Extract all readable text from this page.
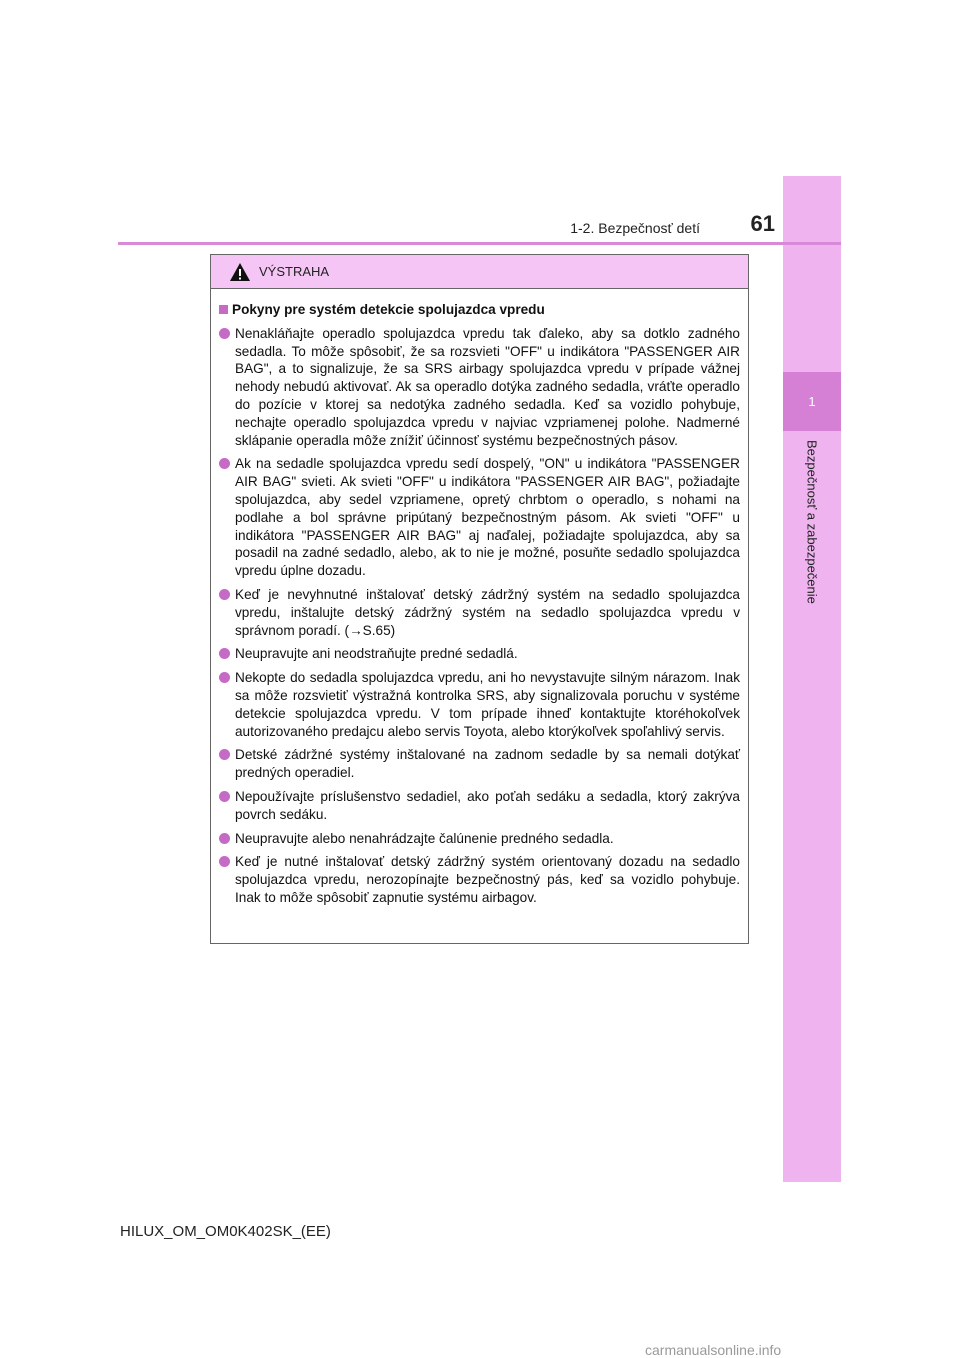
1
Bezpečnosť a zabezpečenie
1-2. Bezpečnosť detí	61
VÝSTRAHA
Pokyny pre systém detekcie spolujazdca vpredu
Nenakláňajte operadlo spolujazdca vpredu tak ďaleko, aby sa dotklo zadného sedadla. To môže spôsobiť, že sa rozsvieti "OFF" u indikátora "PASSENGER AIR BAG", a to signalizuje, že sa SRS airbagy spolujazdca vpredu v prípade vážnej nehody nebudú aktivovať. Ak sa operadlo dotýka zadného sedadla, vráťte operadlo do pozície v ktorej sa nedotýka zadného sedadla. Keď sa vozidlo pohybuje, nechajte operadlo spolujazdca vpredu v najviac vzpriamenej polohe. Nadmerné sklápanie operadla môže znížiť účinnosť systému bezpečnostných pásov.
Ak na sedadle spolujazdca vpredu sedí dospelý, "ON" u indikátora "PASSENGER AIR BAG" svieti. Ak svieti "OFF" u indikátora "PASSENGER AIR BAG", požiadajte spolujazdca, aby sedel vzpriamene, opretý chrbtom o operadlo, s nohami na podlahe a bol správne pripútaný bezpečnostným pásom. Ak svieti "OFF" u indikátora "PASSENGER AIR BAG" aj naďalej, požiadajte spolujazdca, aby sa posadil na zadné sedadlo, alebo, ak to nie je možné, posuňte sedadlo spolujazdca vpredu úplne dozadu.
Keď je nevyhnutné inštalovať detský zádržný systém na sedadlo spolujazdca vpredu, inštalujte detský zádržný systém na sedadlo spolujazdca vpredu v správnom poradí. (→S.65)
Neupravujte ani neodstraňujte predné sedadlá.
Nekopte do sedadla spolujazdca vpredu, ani ho nevystavujte silným nárazom. Inak sa môže rozsvietiť výstražná kontrolka SRS, aby signalizovala poruchu v systéme detekcie spolujazdca vpredu. V tom prípade ihneď kontaktujte ktoréhokoľvek autorizovaného predajcu alebo servis Toyota, alebo ktorýkoľvek spoľahlivý servis.
Detské zádržné systémy inštalované na zadnom sedadle by sa nemali dotýkať predných operadiel.
Nepoužívajte príslušenstvo sedadiel, ako poťah sedáku a sedadla, ktorý zakrýva povrch sedáku.
Neupravujte alebo nenahrádzajte čalúnenie predného sedadla.
Keď je nutné inštalovať detský zádržný systém orientovaný dozadu na sedadlo spolujazdca vpredu, nerozopínajte bezpečnostný pás, keď sa vozidlo pohybuje. Inak to môže spôsobiť zapnutie systému airbagov.
HILUX_OM_OM0K402SK_(EE)
carmanualsonline.info
